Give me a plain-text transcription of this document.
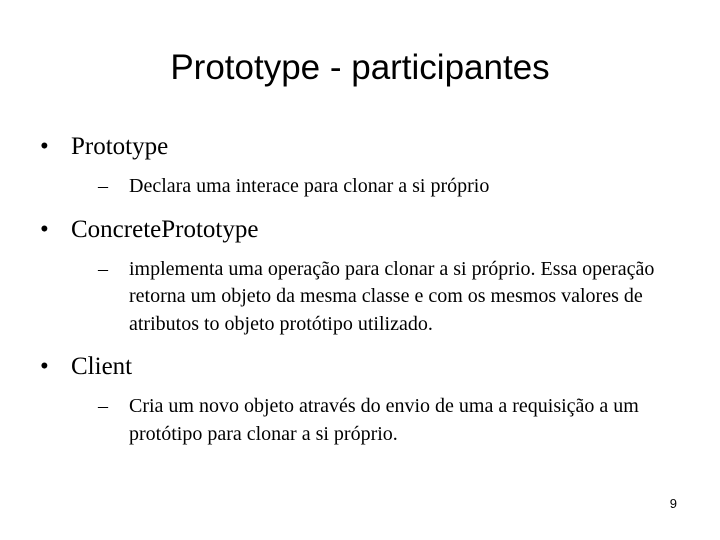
Prototype - participantes
• Prototype
– Declara uma interace para clonar a si próprio
• ConcretePrototype
– implementa uma operação para clonar a si próprio. Essa operação retorna um objeto da mesma classe e com os mesmos valores de atributos to objeto protótipo utilizado.
• Client
– Cria um novo objeto através do envio de uma a requisição a um protótipo para clonar a si próprio.
9
